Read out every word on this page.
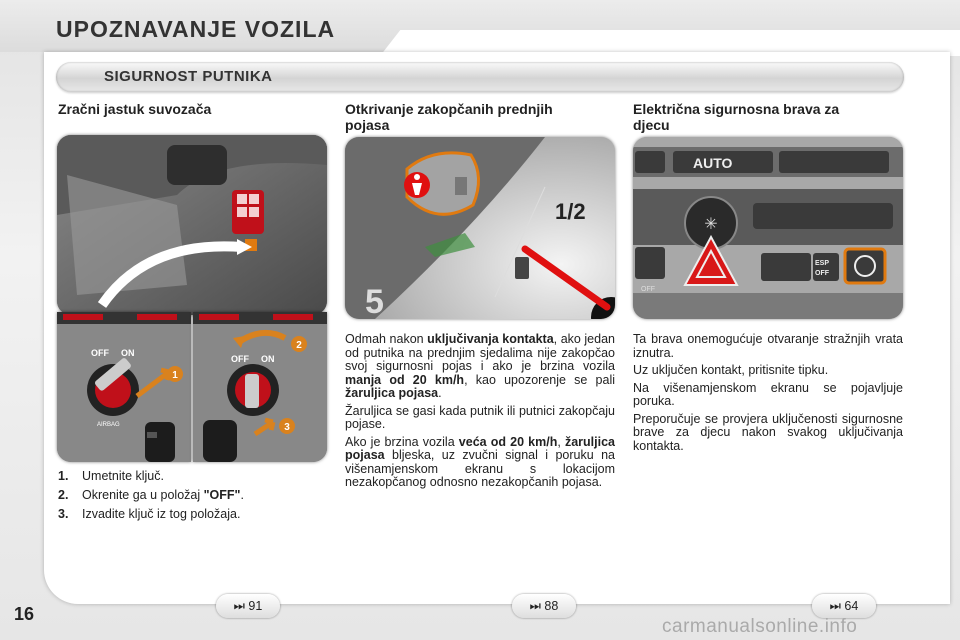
UPOZNAVANJE VOZILA
SIGURNOST PUTNIKA
Zračni jastuk suvozača
1
OFF ON
AIRBAG
2
OFF ON
3
1.	Umetnite ključ.
2.	Okrenite ga u položaj "OFF".
3.	Izvadite ključ iz tog položaja.
Otkrivanje zakopčanih prednjih
pojasa
1/2
5

Odmah nakon uključivanja kontakta, ako jedan od putnika na prednjim sjedalima nije zakopčao svoj sigurnosni pojas i ako je brzina vozila manja od 20 km/h, kao upozorenje se pali žaruljica pojasa.

Žaruljica se gasi kada putnik ili putnici zakopčaju pojase.

Ako je brzina vozila veća od 20 km/h, žaruljica pojasa bljeska, uz zvučni signal i poruku na višenamjenskom ekranu s lokacijom nezakopčanog odnosno nezakopčanih pojasa.

Električna sigurnosna brava za
djecu
AUTO
✳
OFF
ESP
OFF

Ta brava onemogućuje otvaranje stražnjih vrata iznutra.

Uz uključen kontakt, pritisnite tipku.

Na višenamjenskom ekranu se pojavljuje poruka.

Preporučuje se provjera uključenosti sigurnosne brave za djecu nakon svakog uključivanja kontakta.

⏭ 91	⏭ 88	⏭ 64
16
carmanualsonline.info
